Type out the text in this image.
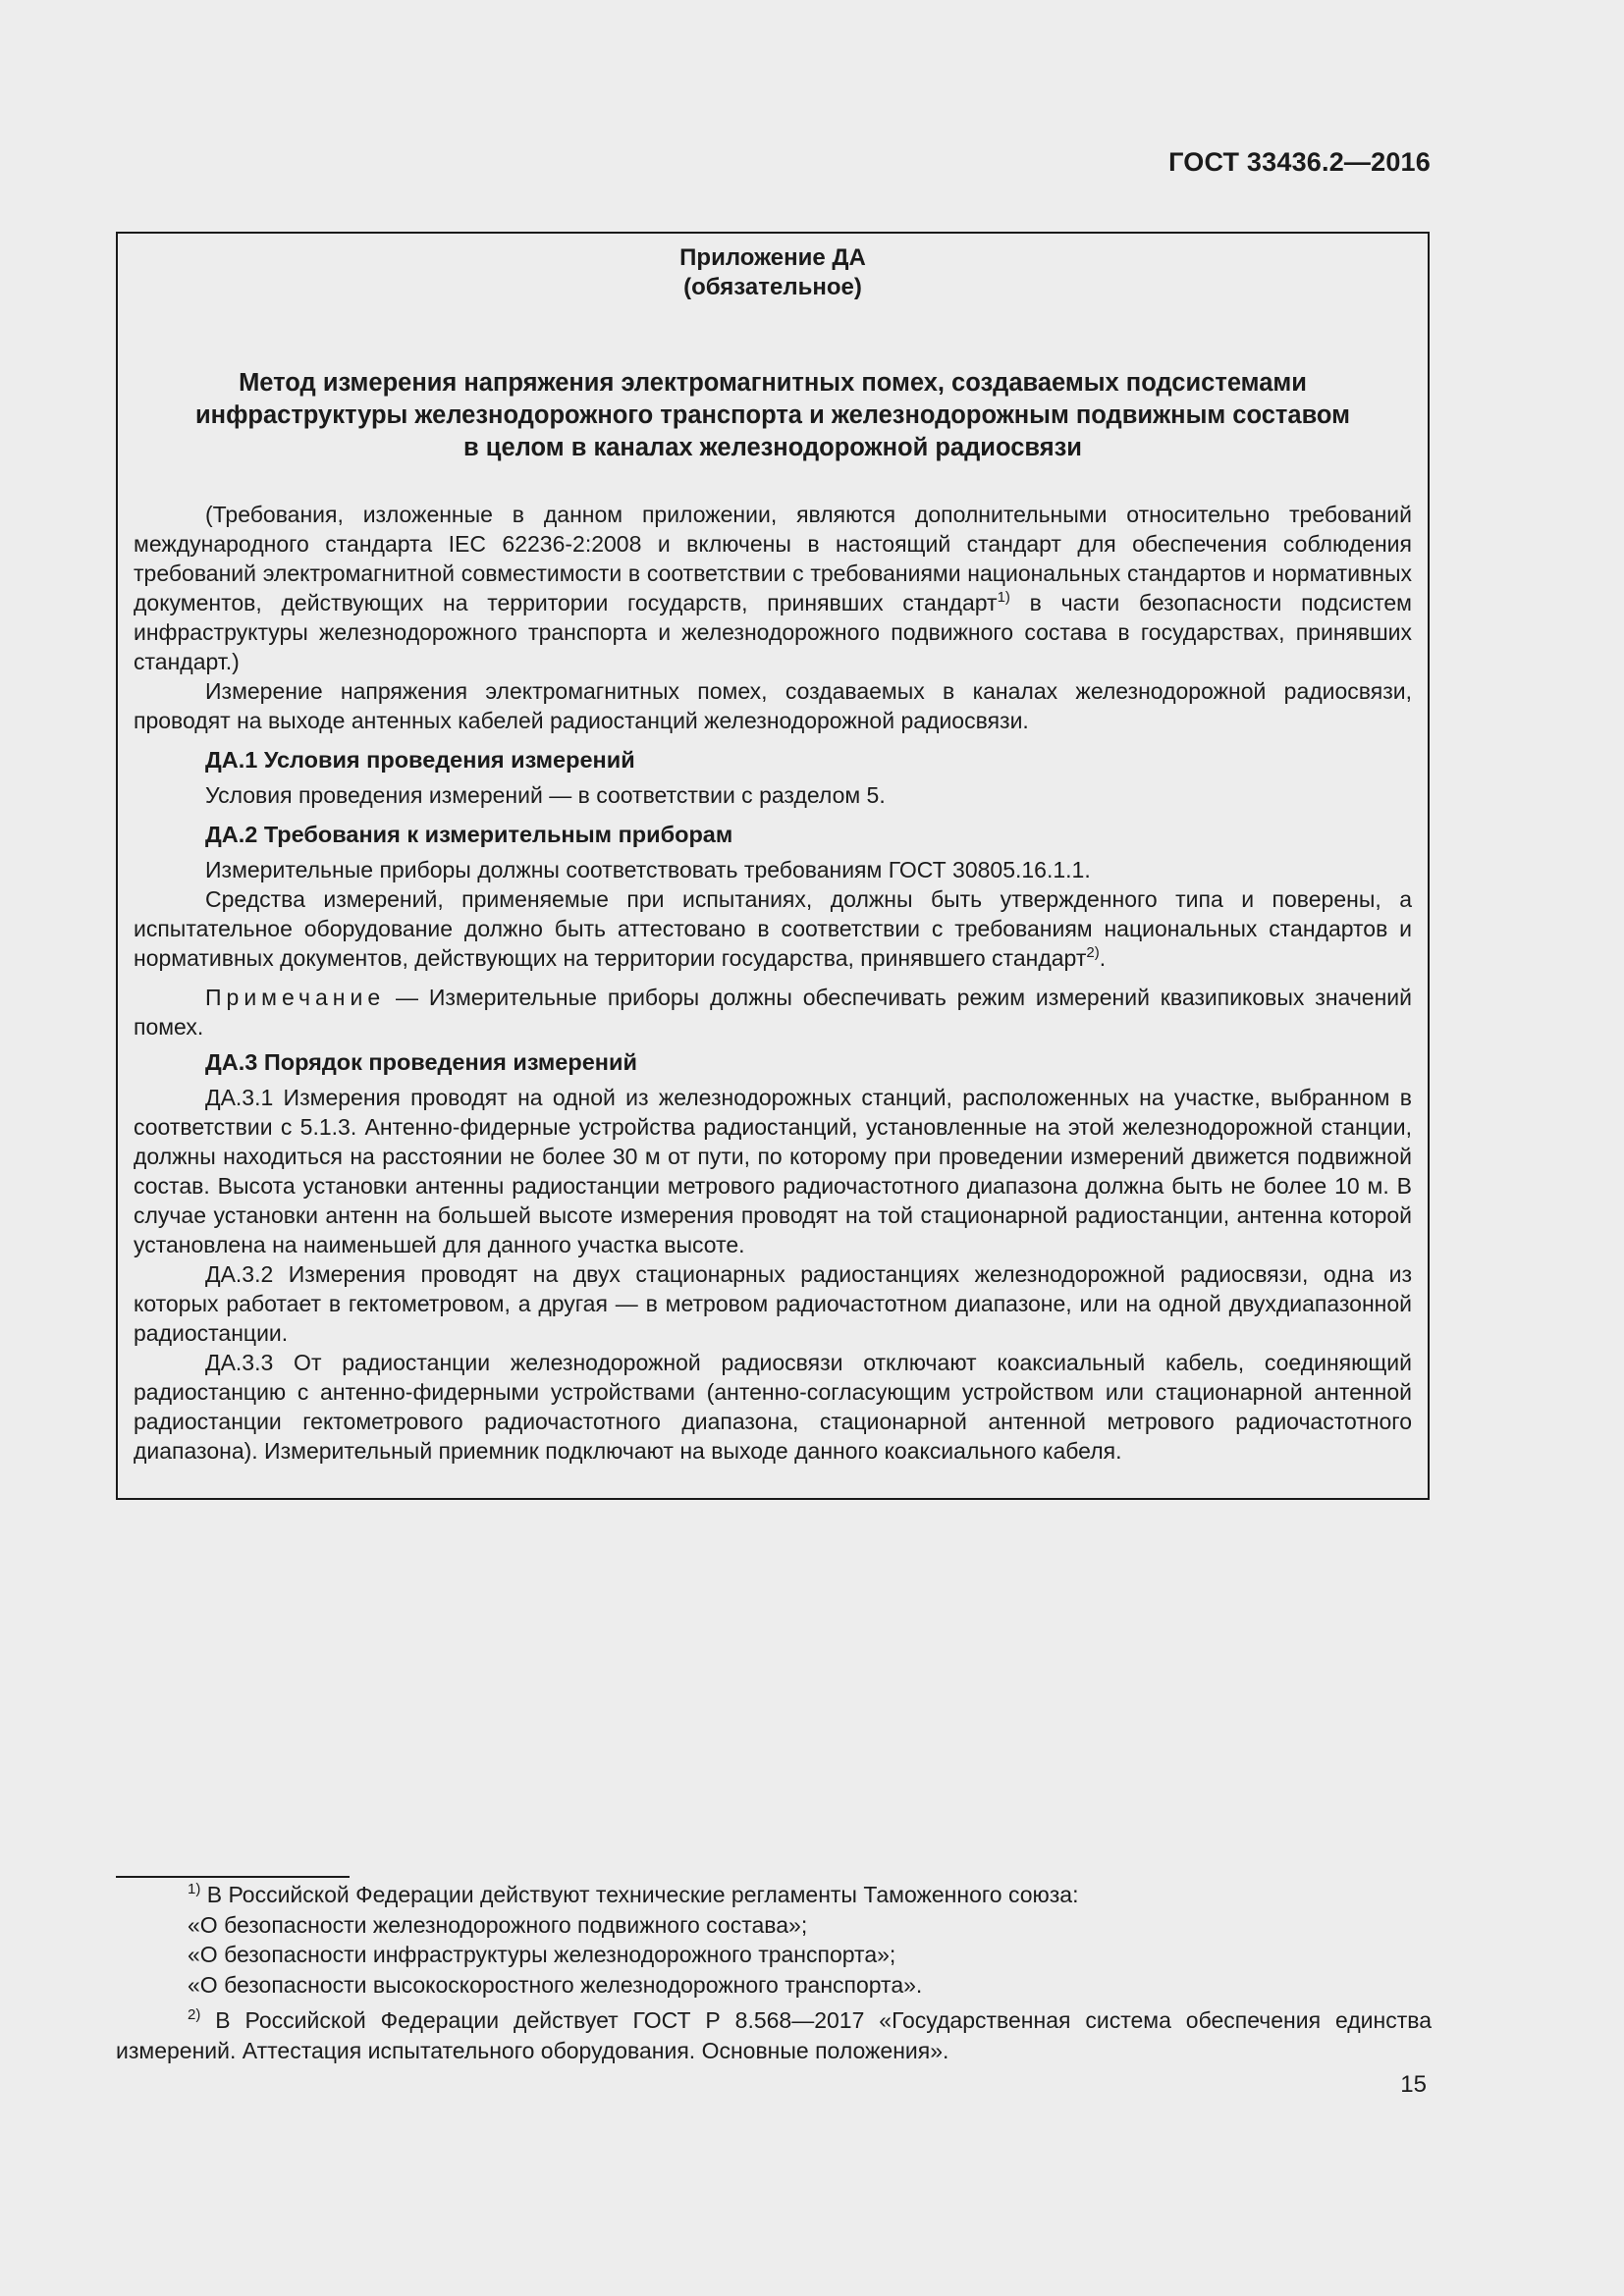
ГОСТ 33436.2—2016

Приложение ДА

(обязательное)

Метод измерения напряжения электромагнитных помех, создаваемых подсистемами
инфраструктуры железнодорожного транспорта и железнодорожным подвижным составом
в целом в каналах железнодорожной радиосвязи

(Требования, изложенные в данном приложении, являются дополнительными относительно требований международного стандарта IEC 62236-2:2008 и включены в настоящий стандарт для обеспечения соблюдения требований электромагнитной совместимости в соответствии с требованиями национальных стандартов и нормативных документов, действующих на территории государств, принявших стандарт$^{1)}$ в части безопасности подсистем инфраструктуры железнодорожного транспорта и железнодорожного подвижного состава в государствах, принявших стандарт.)

Измерение напряжения электромагнитных помех, создаваемых в каналах железнодорожной радиосвязи, проводят на выходе антенных кабелей радиостанций железнодорожной радиосвязи.

ДА.1 Условия проведения измерений

Условия проведения измерений — в соответствии с разделом 5.

ДА.2 Требования к измерительным приборам

Измерительные приборы должны соответствовать требованиям ГОСТ 30805.16.1.1.

Средства измерений, применяемые при испытаниях, должны быть утвержденного типа и поверены, а испытательное оборудование должно быть аттестовано в соответствии с требованиям национальных стандартов и нормативных документов, действующих на территории государства, принявшего стандарт$^{2)}$.

Примечание — Измерительные приборы должны обеспечивать режим измерений квазипиковых значений помех.

ДА.3 Порядок проведения измерений

ДА.3.1 Измерения проводят на одной из железнодорожных станций, расположенных на участке, выбранном в соответствии с 5.1.3. Антенно-фидерные устройства радиостанций, установленные на этой железнодорожной станции, должны находиться на расстоянии не более 30 м от пути, по которому при проведении измерений движется подвижной состав. Высота установки антенны радиостанции метрового радиочастотного диапазона должна быть не более 10 м. В случае установки антенн на большей высоте измерения проводят на той стационарной радиостанции, антенна которой установлена на наименьшей для данного участка высоте.

ДА.3.2 Измерения проводят на двух стационарных радиостанциях железнодорожной радиосвязи, одна из которых работает в гектометровом, а другая — в метровом радиочастотном диапазоне, или на одной двухдиапазонной радиостанции.

ДА.3.3 От радиостанции железнодорожной радиосвязи отключают коаксиальный кабель, соединяющий радиостанцию с антенно-фидерными устройствами (антенно-согласующим устройством или стационарной антенной радиостанции гектометрового радиочастотного диапазона, стационарной антенной метрового радиочастотного диапазона). Измерительный приемник подключают на выходе данного коаксиального кабеля.

$^{1)}$ В Российской Федерации действуют технические регламенты Таможенного союза:

«О безопасности железнодорожного подвижного состава»;

«О безопасности инфраструктуры железнодорожного транспорта»;

«О безопасности высокоскоростного железнодорожного транспорта».

$^{2)}$ В Российской Федерации действует ГОСТ Р 8.568—2017 «Государственная система обеспечения единства измерений. Аттестация испытательного оборудования. Основные положения».

15
